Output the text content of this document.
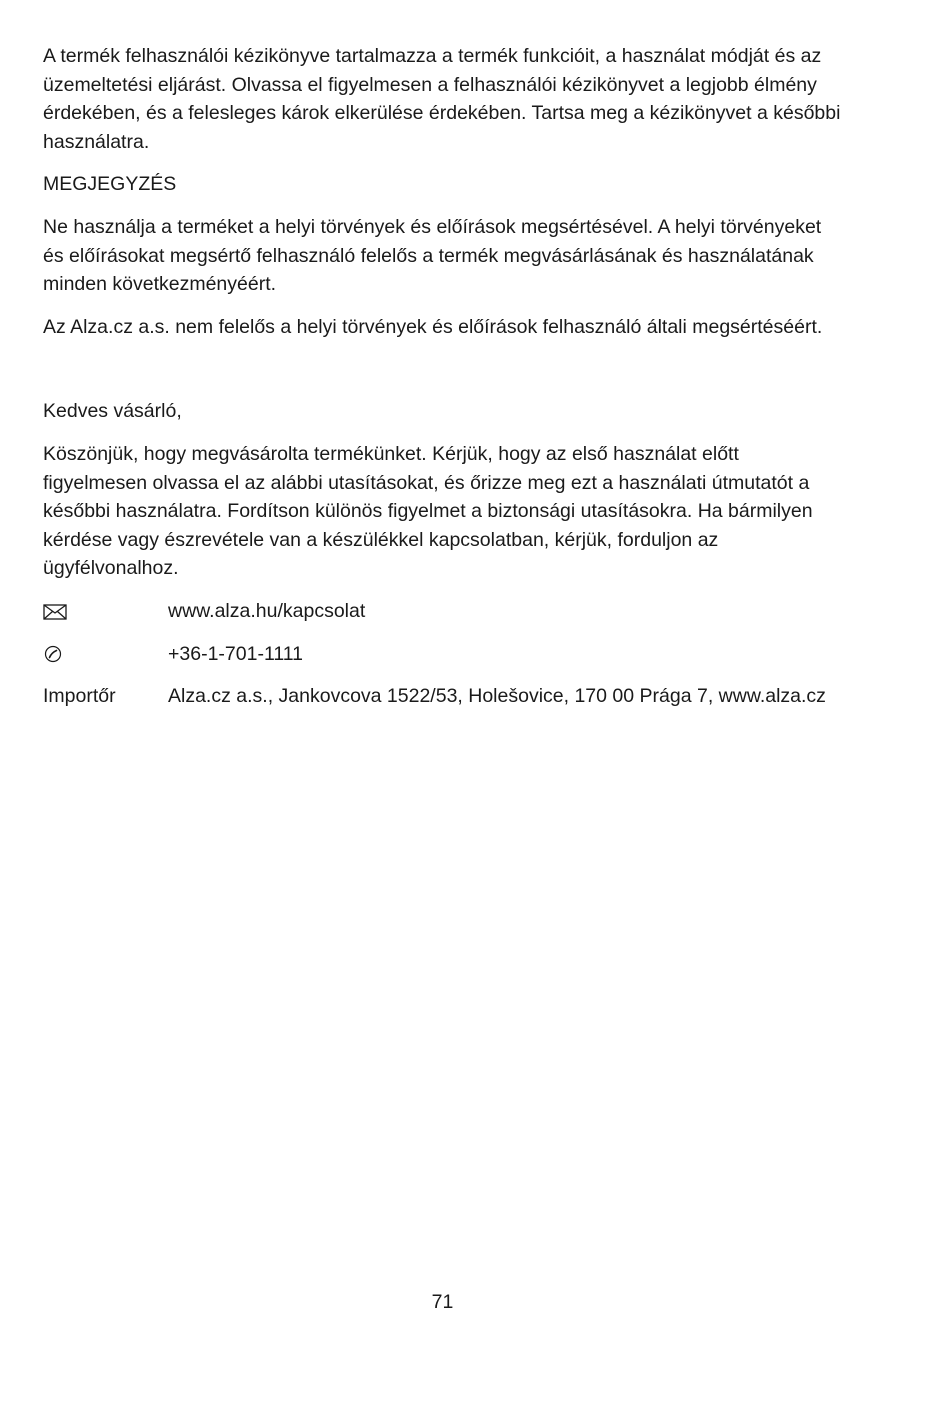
A termék felhasználói kézikönyve tartalmazza a termék funkcióit, a használat módját és az üzemeltetési eljárást. Olvassa el figyelmesen a felhasználói kézikönyvet a legjobb élmény érdekében, és a felesleges károk elkerülése érdekében. Tartsa meg a kézikönyvet a későbbi használatra.

MEGJEGYZÉS

Ne használja a terméket a helyi törvények és előírások megsértésével. A helyi törvényeket és előírásokat megsértő felhasználó felelős a termék megvásárlásának és használatának minden következményéért.

Az Alza.cz a.s. nem felelős a helyi törvények és előírások felhasználó általi megsértéséért.

Kedves vásárló,

Köszönjük, hogy megvásárolta termékünket. Kérjük, hogy az első használat előtt figyelmesen olvassa el az alábbi utasításokat, és őrizze meg ezt a használati útmutatót a későbbi használatra. Fordítson különös figyelmet a biztonsági utasításokra. Ha bármilyen kérdése vagy észrevétele van a készülékkel kapcsolatban, kérjük, forduljon az ügyfélvonalhoz.

www.alza.hu/kapcsolat
+36-1-701-1111
Importőr	Alza.cz a.s., Jankovcova 1522/53, Holešovice, 170 00 Prága 7, www.alza.cz
71
